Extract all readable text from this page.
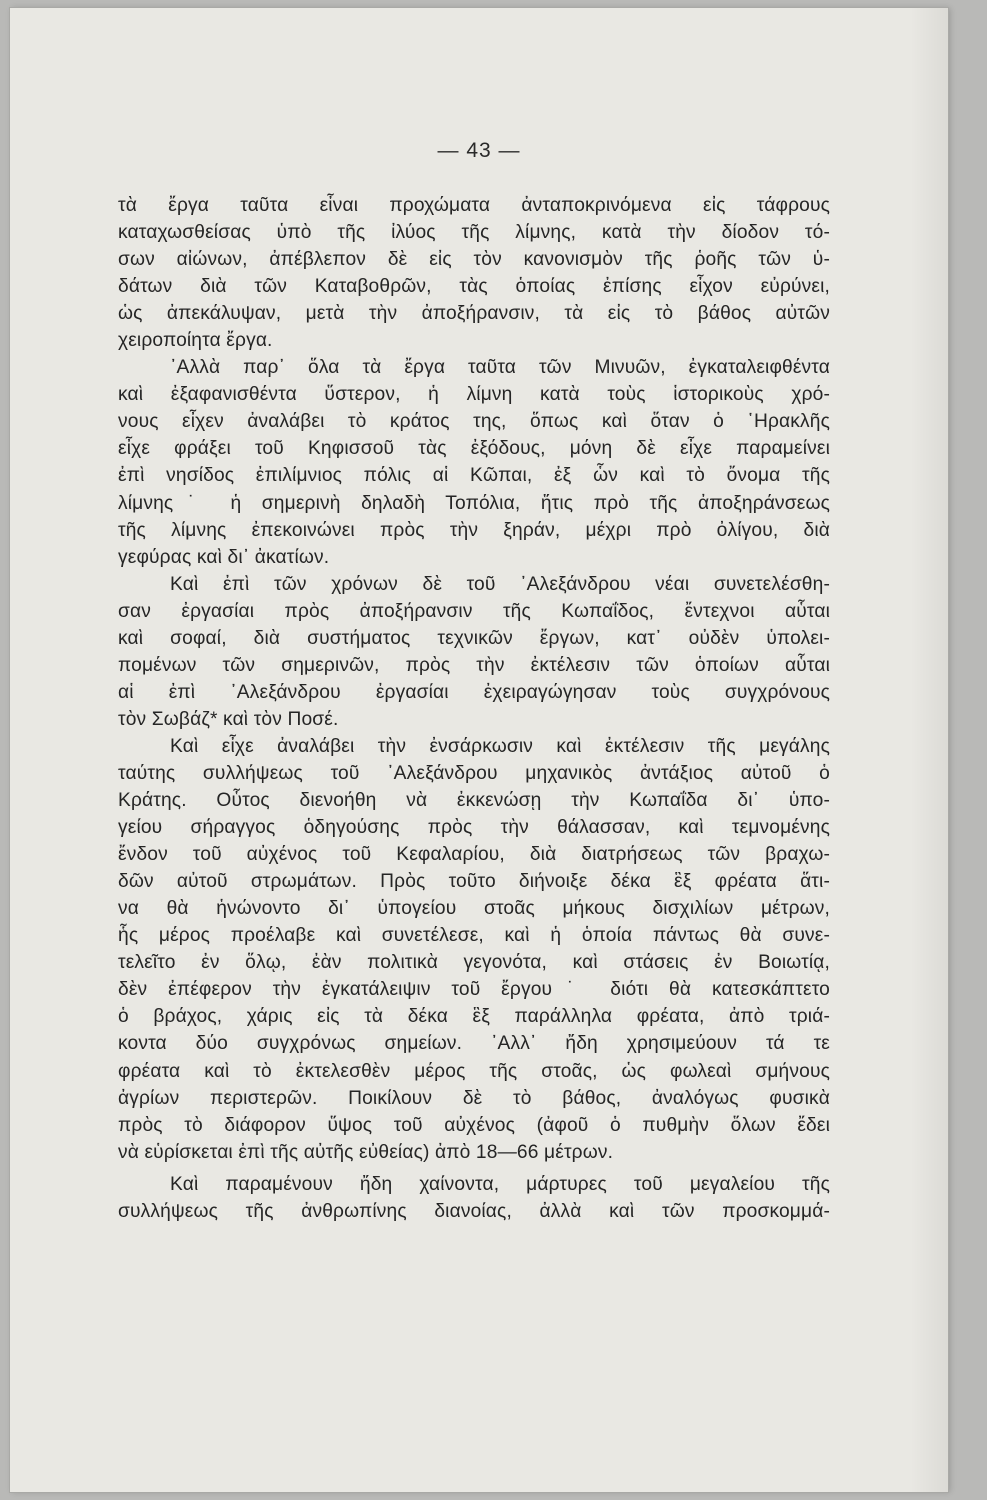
— 43 —
τὰ ἔργα ταῦτα εἶναι προχώματα ἀνταποκρινόμενα εἰς τάφρους
καταχωσθείσας ὑπὸ τῆς ἰλύος τῆς λίμνης, κατὰ τὴν δίοδον τό-
σων αἰώνων, ἀπέβλεπον δὲ εἰς τὸν κανονισμὸν τῆς ῥοῆς τῶν ὑ-
δάτων διὰ τῶν Καταβοθρῶν, τὰς ὁποίας ἐπίσης εἶχον εὐρύνει,
ὡς ἀπεκάλυψαν, μετὰ τὴν ἀποξήρανσιν, τὰ εἰς τὸ βάθος αὐτῶν
χειροποίητα ἔργα.
᾿Αλλὰ παρ᾿ ὅλα τὰ ἔργα ταῦτα τῶν Μινυῶν, ἐγκαταλειφθέντα
καὶ ἐξαφανισθέντα ὕστερον, ἡ λίμνη κατὰ τοὺς ἱστορικοὺς χρό-
νους εἶχεν ἀναλάβει τὸ κράτος της, ὅπως καὶ ὅταν ὁ ῾Ηρακλῆς
εἶχε φράξει τοῦ Κηφισσοῦ τὰς ἐξόδους, μόνη δὲ εἶχε παραμείνει
ἐπὶ νησίδος ἐπιλίμνιος πόλις αἱ Κῶπαι, ἐξ ὧν καὶ τὸ ὄνομα τῆς
λίμνης˙ ἡ σημερινὴ δηλαδὴ Τοπόλια, ἥτις πρὸ τῆς ἀποξηράνσεως
τῆς λίμνης ἐπεκοινώνει πρὸς τὴν ξηράν, μέχρι πρὸ ὀλίγου, διὰ
γεφύρας καὶ δι᾿ ἀκατίων.
Καὶ ἐπὶ τῶν χρόνων δὲ τοῦ ᾿Αλεξάνδρου νέαι συνετελέσθη-
σαν ἐργασίαι πρὸς ἀποξήρανσιν τῆς Κωπαΐδος, ἔντεχνοι αὗται
καὶ σοφαί, διὰ συστήματος τεχνικῶν ἔργων, κατ᾿ οὐδὲν ὑπολει-
πομένων τῶν σημερινῶν, πρὸς τὴν ἐκτέλεσιν τῶν ὁποίων αὗται
αἱ ἐπὶ ᾿Αλεξάνδρου ἐργασίαι ἐχειραγώγησαν τοὺς συγχρόνους
τὸν Σωβάζ* καὶ τὸν Ποσέ.
Καὶ εἶχε ἀναλάβει τὴν ἐνσάρκωσιν καὶ ἐκτέλεσιν τῆς μεγάλης
ταύτης συλλήψεως τοῦ ᾿Αλεξάνδρου μηχανικὸς ἀντάξιος αὐτοῦ ὁ
Κράτης. Οὗτος διενοήθη νὰ ἐκκενώσῃ τὴν Κωπαΐδα δι᾿ ὑπο-
γείου σήραγγος ὁδηγούσης πρὸς τὴν θάλασσαν, καὶ τεμνομένης
ἔνδον τοῦ αὐχένος τοῦ Κεφαλαρίου, διὰ διατρήσεως τῶν βραχω-
δῶν αὐτοῦ στρωμάτων. Πρὸς τοῦτο διήνοιξε δέκα ἓξ φρέατα ἅτι-
να θὰ ἡνώνοντο δι᾿ ὑπογείου στοᾶς μήκους δισχιλίων μέτρων,
ἧς μέρος προέλαβε καὶ συνετέλεσε, καὶ ἡ ὁποία πάντως θὰ συνε-
τελεῖτο ἐν ὅλῳ, ἐὰν πολιτικὰ γεγονότα, καὶ στάσεις ἐν Βοιωτίᾳ,
δὲν ἐπέφερον τὴν ἐγκατάλειψιν τοῦ ἔργου˙ διότι θὰ κατεσκάπτετο
ὁ βράχος, χάρις εἰς τὰ δέκα ἓξ παράλληλα φρέατα, ἀπὸ τριά-
κοντα δύο συγχρόνως σημείων. ᾿Αλλ᾿ ἤδη χρησιμεύουν τά τε
φρέατα καὶ τὸ ἐκτελεσθὲν μέρος τῆς στοᾶς, ὡς φωλεαὶ σμήνους
ἀγρίων περιστερῶν. Ποικίλουν δὲ τὸ βάθος, ἀναλόγως φυσικὰ
πρὸς τὸ διάφορον ὕψος τοῦ αὐχένος (ἀφοῦ ὁ πυθμὴν ὅλων ἔδει
νὰ εὑρίσκεται ἐπὶ τῆς αὐτῆς εὐθείας) ἀπὸ 18—66 μέτρων.
Καὶ παραμένουν ἤδη χαίνοντα, μάρτυρες τοῦ μεγαλείου τῆς
συλλήψεως τῆς ἀνθρωπίνης διανοίας, ἀλλὰ καὶ τῶν προσκομμά-
